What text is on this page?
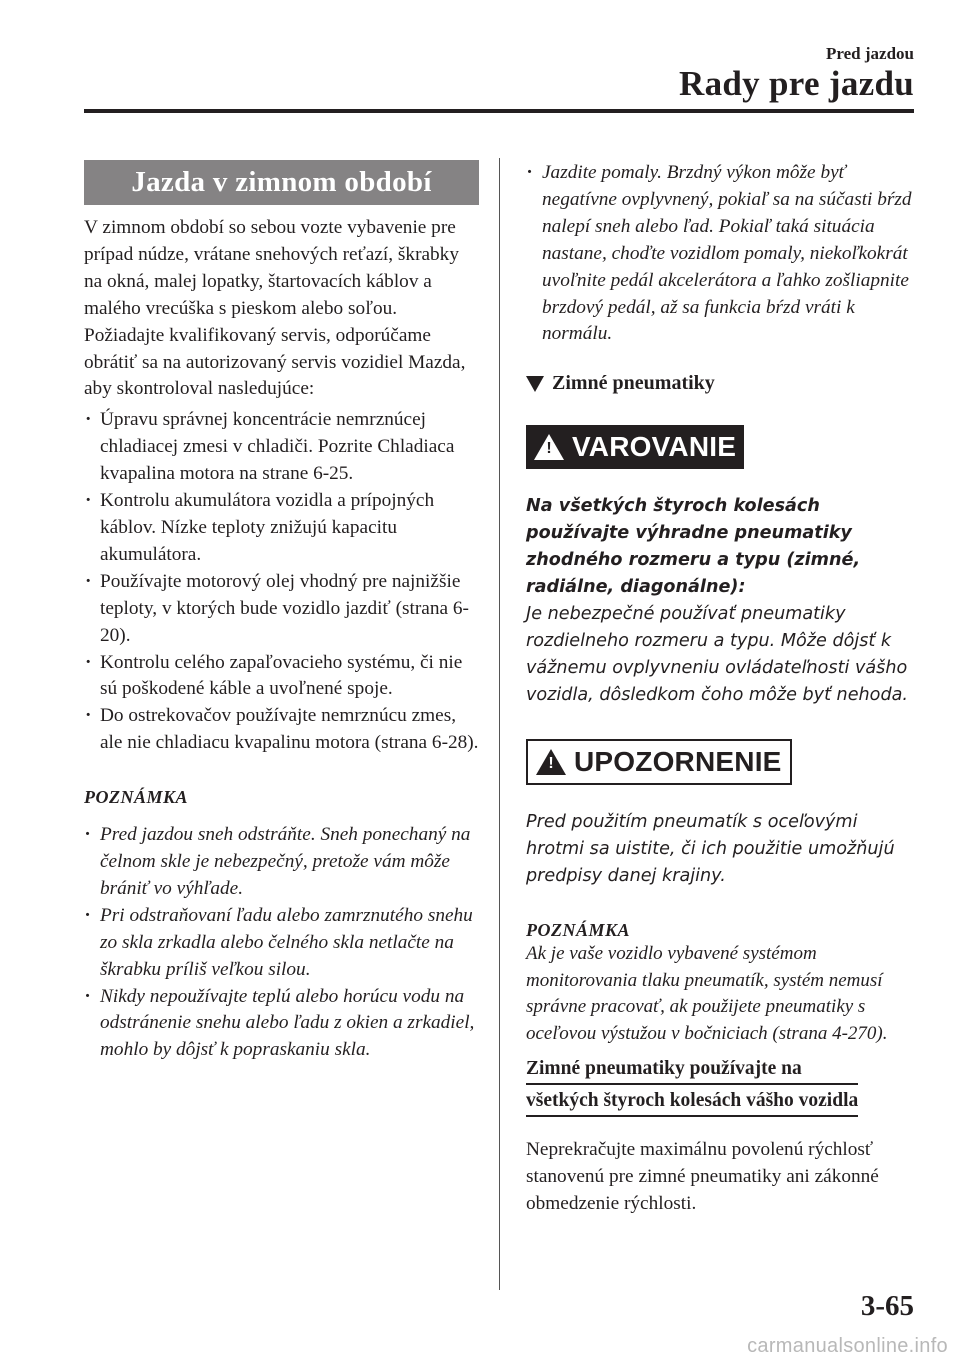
Pred jazdou
Rady pre jazdu
Jazda v zimnom období

V zimnom období so sebou vozte vybavenie pre prípad núdze, vrátane snehových reťazí, škrabky na okná, malej lopatky, štartovacích káblov a malého vrecúška s pieskom alebo soľou. Požiadajte kvalifikovaný servis, odporúčame obrátiť sa na autorizovaný servis vozidiel Mazda, aby skontroloval nasledujúce:

· Úpravu správnej koncentrácie nemrznúcej chladiacej zmesi v chladiči. Pozrite Chladiaca kvapalina motora na strane 6-25.
· Kontrolu akumulátora vozidla a prípojných káblov. Nízke teploty znižujú kapacitu akumulátora.
· Používajte motorový olej vhodný pre najnižšie teploty, v ktorých bude vozidlo jazdiť (strana 6-20).
· Kontrolu celého zapaľovacieho systému, či nie sú poškodené káble a uvoľnené spoje.
· Do ostrekovačov používajte nemrznúcu zmes, ale nie chladiacu kvapalinu motora (strana 6-28).
POZNÁMKA
· Pred jazdou sneh odstráňte. Sneh ponechaný na čelnom skle je nebezpečný, pretože vám môže brániť vo výhľade.
· Pri odstraňovaní ľadu alebo zamrznutého snehu zo skla zrkadla alebo čelného skla netlačte na škrabku príliš veľkou silou.
· Nikdy nepoužívajte teplú alebo horúcu vodu na odstránenie snehu alebo ľadu z okien a zrkadiel, mohlo by dôjsť k popraskaniu skla.
· Jazdite pomaly. Brzdný výkon môže byť negatívne ovplyvnený, pokiaľ sa na súčasti bŕzd nalepí sneh alebo ľad. Pokiaľ taká situácia nastane, choďte vozidlom pomaly, niekoľkokrát uvoľnite pedál akcelerátora a ľahko zošliapnite brzdový pedál, až sa funkcia bŕzd vráti k normálu.
Zimné pneumatiky
! VAROVANIE

Na všetkých štyroch kolesách používajte výhradne pneumatiky zhodného rozmeru a typu (zimné, radiálne, diagonálne):
Je nebezpečné používať pneumatiky rozdielneho rozmeru a typu. Môže dôjsť k vážnemu ovplyvneniu ovládateľnosti vášho vozidla, dôsledkom čoho môže byť nehoda.

! UPOZORNENIE

Pred použitím pneumatík s oceľovými hrotmi sa uistite, či ich použitie umožňujú predpisy danej krajiny.

POZNÁMKA

Ak je vaše vozidlo vybavené systémom monitorovania tlaku pneumatík, systém nemusí správne pracovať, ak použijete pneumatiky s oceľovou výstužou v bočniciach (strana 4-270).

Zimné pneumatiky používajte na
všetkých štyroch kolesách vášho vozidla

Neprekračujte maximálnu povolenú rýchlosť stanovenú pre zimné pneumatiky ani zákonné obmedzenie rýchlosti.

3-65
carmanualsonline.info
